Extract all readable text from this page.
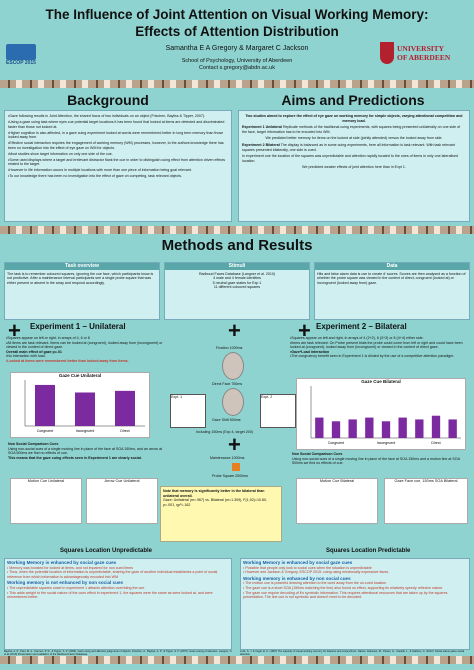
The Influence of Joint Attention on Visual Working Memory:
Effects of Attention Distribution
Samantha E A Gregory & Margaret C Jackson
School of Psychology, University of Aberdeen
Contact s.gregory@abdn.ac.uk
ESCOP 2015
UNIVERSITY
OF ABERDEEN
Background	Aims and Predictions
•Gaze following results in Joint Attention, the shared focus of two individuals on an object (Frischen, Bayliss & Tipper, 2007).
•Using a gaze cuing task where eyes cue potential target locations it has been found that looked at items are detected and discriminated faster than those not looked at.
•Higher cognition is also affected, in a gaze cuing experiment looked at words were remembered better in long term memory than those looked away from.
•Effective social interaction requires the engagement of working memory (WM) processes, however, to the authors knowledge there has been no investigation into the effect of eye gaze on WM for objects.
•Most studies show target information on only one side of the cue.
•Some used displays where a target and irrelevant distractor flank the cue in order to distinguish cuing effect from attention driven effects related to the target.
•However in life information occurs in multiple locations with more than one piece of information being goal relevant.
•To our knowledge there has been no investigation into the effect of gaze on competing, task relevant objects.
Two studies aimed to explore the effect of eye gaze on working memory for simple objects, varying attentional competition and memory load.
Experiment 1 Unilateral Replicate methods of the traditional cuing experiments, with squares being presented unilaterally on one side of the face, target information has to be encoded into WM.
We predicted better memory for items on the looked at side (jointly attended) versus the looked away from side.
Experiment 2 Bilateral The display is balanced as in some cuing experiments, here all information is task relevant. With task relevant squares presented bilaterally, one side is cued.
In experiment one the location of the squares was unpredictable and attention rapidly located to the ones of items in only one lateralised location.
We predicted weaker effects of joint attention here than in Expt 1.
Methods and Results
Task overview
The task is to remember coloured squares, ignoring the cue face, which participants know is not predictive. After a maintenance interval participants see a single probe square that was either present or absent in the array and respond accordingly.
Stimuli
Radboud Faces Database (Langner et al. 2010)
4 male and 4 female identities
5 neutral gaze states for Exp 1
11 different coloured squares
Data
Hits and false alarm data is use to create d' scores. Scores are then analysed as a function of whether the probe square was viewed in the context of direct, congruent (looked at) or incongruent (looked away from) gaze.
+ Experiment 1 – Unilateral
•Squares appear on left or right, in arrays of 4, 6 or 8
•All items are task relevant. Items can be looked at (congruent), looked away from (incongruent) or viewed in the context of direct gaze.
Overall main effect of gaze p=.01
•No interaction with load.
•Looked at items were remembered better than looked away from items.
Gaze Cue Unilateral
Congruent	Incongruent	Direct
Non Social Comparison Cues
Using non-social cues of a single moving line in place of the face at SOA 150ms, and an arrow at SOA 500ms we find no effects of cue.
This means that the gaze cuing effects seen in Experiment 1 are clearly social.
Motion Cue Unilateral	Arrow Cue Unilateral
+
Fixation 1000ms
Direct Face 750ms
Gaze Shift 500ms
Expt. 1	Expt. 2
Including 150ms (Exp 4, target 200)
+
Maintenance 1000ms
Probe Square 2000ms
Note that memory is significantly better in the bilateral than unilateral overall.
Gaze: Unilateral (m=.967) vs. Bilateral (m=1.309), F(1,92)=10.60, p=.001, ηp²=.162
+ Experiment 2 – Bilateral
•Squares appear on left and right, in arrays of 4 (2+2), 6 (3+3) or 8 (4+4) either side.
•Items are task relevant. On Probe present trials the probe could come from left or right and could have been looked at (congruent), looked away from (incongruent) or viewed in the context of direct gaze.
•Gaze*Load interaction
•The congruency benefit seen in Experiment 1 is diluted by the use of a competitive attention paradigm.
Gaze Cue Bilateral
Congruent	Incongruent	Direct
Non Social Comparison Cues
Using non-social cues of a single moving line in place of the face at SOA 150ms and a motion line at SOA 500ms we find no effects of cue.
Motion Cue Bilateral	Gaze Face cue, 150ms SOA Bilateral
Squares Location Unpredictable	Squares Location Predictable
Working Memory is enhanced by social gaze cues
• Memory was boosted for looked at items, and not impaired for non cued items
• Thus, when the potential location of information is unpredictable, sharing the gaze of another individual establishes a point of social reference from which information is advantageously encoded into WM
Working memory is not enhanced by non social cues
• The unpredictable squares onset in experiment 1 attracts attention overriding the cue.
• This adds weight to the social nature of the cues effect in experiment 1, the squares were the same as were looked at, and were remembered better.
Working Memory is enhanced by social gaze cues
• Possible that people only look to social cues when the situation is unpredictable
• However see Jackson & Gregory, ESCOP 2015: cuing using emotionally expressive faces.
Working memory is enhanced by non social cues
• The motion cue is powerful drawing attention to the cued away from the un-cued location
• The gaze cue is a short SOA (150ms matching the line) also found no effect, supporting its relatively speedy reflexive nature.
• The gaze cue require decoding of it's symbolic information. This requires attentional resources that are taken up by the squares presentation. The line cue is not symbolic and doesn't need to be decoded.
Bayliss, A. P., Paul, M. A., Cannon, P. R., & Tipper, S. P. (2006). Gaze cuing and affective judgments of objects. Frischen, A., Bayliss, A. P., & Tipper, S. P. (2007). Gaze cueing of attention. Langner, O. et al (2010) Presentation and validation of the Radboud Faces Database.
Luck, S. J. & Vogel, E. K. (1997) The capacity of visual working memory for features and conjunctions. Nature. Dalmaso, M., Pavan, G., Castelli, L., & Galfano, G. (2012). Social status gates social attention.
